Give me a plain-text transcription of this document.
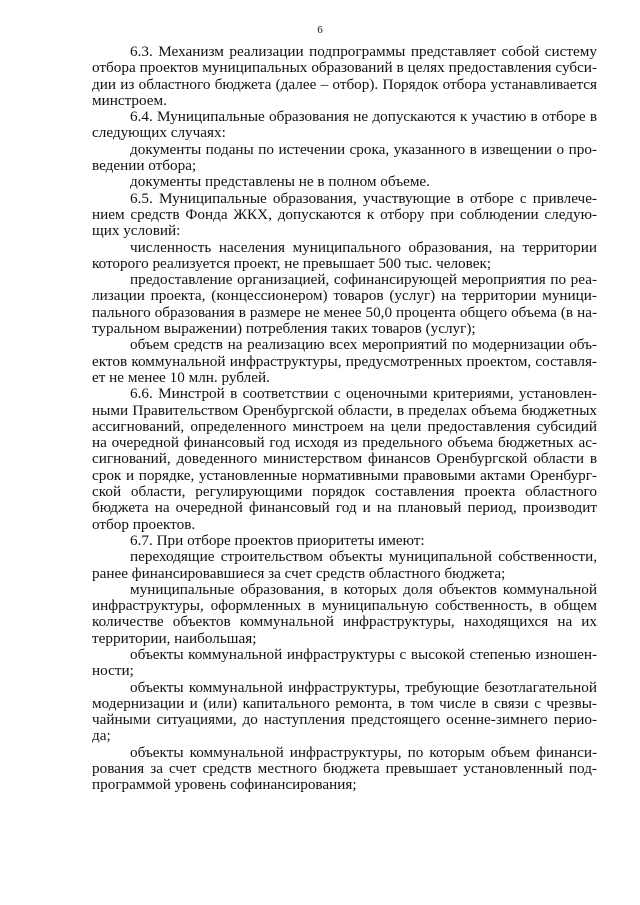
6
6.3. Механизм реализации подпрограммы представляет собой систему
отбора проектов муниципальных образований в целях предоставления субси-
дии из областного бюджета (далее – отбор). Порядок отбора устанавливается
минстроем.
6.4. Муниципальные образования не допускаются к участию в отборе в
следующих случаях:
документы поданы по истечении срока, указанного в извещении о про-
ведении отбора;
документы представлены не в полном объеме.
6.5. Муниципальные образования, участвующие в отборе с привлече-
нием средств Фонда ЖКХ, допускаются к отбору при соблюдении следую-
щих условий:
численность населения муниципального образования, на территории
которого реализуется проект, не превышает 500 тыс. человек;
предоставление организацией, софинансирующей мероприятия по реа-
лизации проекта, (концессионером) товаров (услуг) на территории муници-
пального образования в размере не менее 50,0 процента общего объема (в на-
туральном выражении) потребления таких товаров (услуг);
объем средств на реализацию всех мероприятий по модернизации объ-
ектов коммунальной инфраструктуры, предусмотренных проектом, составля-
ет не менее 10 млн. рублей.
6.6. Минстрой в соответствии с оценочными критериями, установлен-
ными Правительством Оренбургской области, в пределах объема бюджетных
ассигнований, определенного минстроем на цели предоставления субсидий
на очередной финансовый год исходя из предельного объема бюджетных ас-
сигнований, доведенного министерством финансов Оренбургской области в
срок и порядке, установленные нормативными правовыми актами Оренбург-
ской области, регулирующими порядок составления проекта областного
бюджета на очередной финансовый год и на плановый период, производит
отбор проектов.
6.7. При отборе проектов приоритеты имеют:
переходящие строительством объекты муниципальной собственности,
ранее финансировавшиеся за счет средств областного бюджета;
муниципальные образования, в которых доля объектов коммунальной
инфраструктуры, оформленных в муниципальную собственность, в общем
количестве объектов коммунальной инфраструктуры, находящихся на их
территории, наибольшая;
объекты коммунальной инфраструктуры с высокой степенью изношен-
ности;
объекты коммунальной инфраструктуры, требующие безотлагательной
модернизации и (или) капитального ремонта, в том числе в связи с чрезвы-
чайными ситуациями, до наступления предстоящего осенне-зимнего перио-
да;
объекты коммунальной инфраструктуры, по которым объем финанси-
рования за счет средств местного бюджета превышает установленный под-
программой уровень софинансирования;
